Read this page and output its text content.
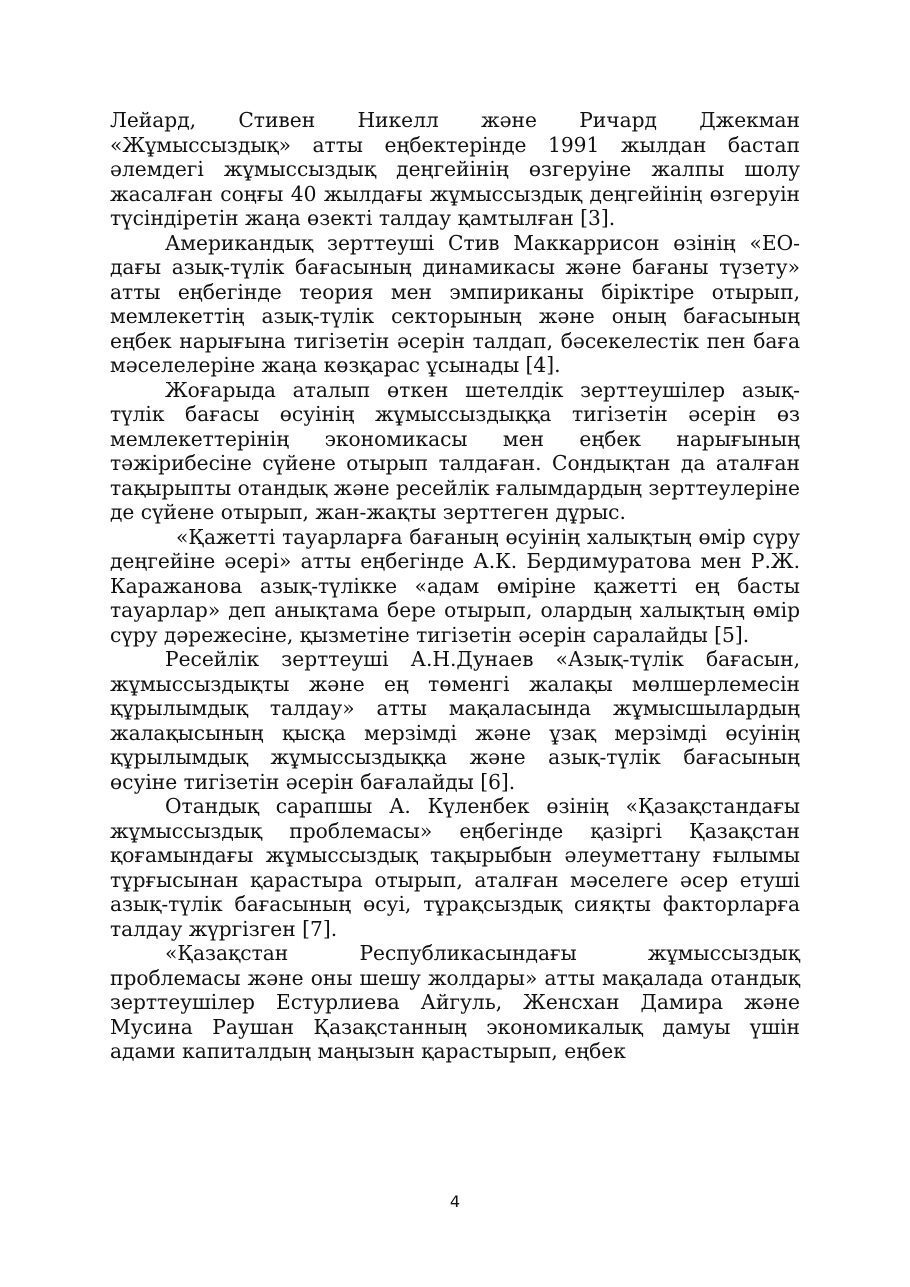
Лейард, Стивен Никелл және Ричард Джекман «Жұмыссыздық» атты еңбектерінде 1991 жылдан бастап әлемдегі жұмыссыздық деңгейінің өзгеруіне жалпы шолу жасалған соңғы 40 жылдағы жұмыссыздық деңгейінің өзгеруін түсіндіретін жаңа өзекті талдау қамтылған [3].

Американдық зерттеуші Стив Маккаррисон өзінің «ЕО-дағы азық-түлік бағасының динамикасы және бағаны түзету» атты еңбегінде теория мен эмпириканы біріктіре отырып, мемлекеттің азық-түлік секторының және оның бағасының еңбек нарығына тигізетін әсерін талдап, бәсекелестік пен баға мәселелеріне жаңа көзқарас ұсынады [4].

Жоғарыда аталып өткен шетелдік зерттеушілер азық-түлік бағасы өсуінің жұмыссыздыққа тигізетін әсерін өз мемлекеттерінің экономикасы мен еңбек нарығының тәжірибесіне сүйене отырып талдаған. Сондықтан да аталған тақырыпты отандық және ресейлік ғалымдардың зерттеулеріне де сүйене отырып, жан-жақты зерттеген дұрыс.

«Қажетті тауарларға бағаның өсуінің халықтың өмір сүру деңгейіне әсері» атты еңбегінде А.К. Бердимуратова мен Р.Ж. Каражанова азық-түлікке «адам өміріне қажетті ең басты тауарлар» деп анықтама бере отырып, олардың халықтың өмір сүру дәрежесіне, қызметіне тигізетін әсерін саралайды [5].

Ресейлік зерттеуші А.Н.Дунаев «Азық-түлік бағасын, жұмыссыздықты және ең төменгі жалақы мөлшерлемесін құрылымдық талдау» атты мақаласында жұмысшылардың жалақысының қысқа мерзімді және ұзақ мерзімді өсуінің құрылымдық жұмыссыздыққа және азық-түлік бағасының өсуіне тигізетін әсерін бағалайды [6].

Отандық сарапшы А. Күленбек өзінің «Қазақстандағы жұмыссыздық проблемасы» еңбегінде қазіргі Қазақстан қоғамындағы жұмыссыздық тақырыбын әлеуметтану ғылымы тұрғысынан қарастыра отырып, аталған мәселеге әсер етуші азық-түлік бағасының өсуі, тұрақсыздық сияқты факторларға талдау жүргізген [7].

«Қазақстан Республикасындағы жұмыссыздық проблемасы және оны шешу жолдары» атты мақалада отандық зерттеушілер Естурлиева Айгуль, Женсхан Дамира және Мусина Раушан Қазақстанның экономикалық дамуы үшін адами капиталдың маңызын қарастырып, еңбек

4
